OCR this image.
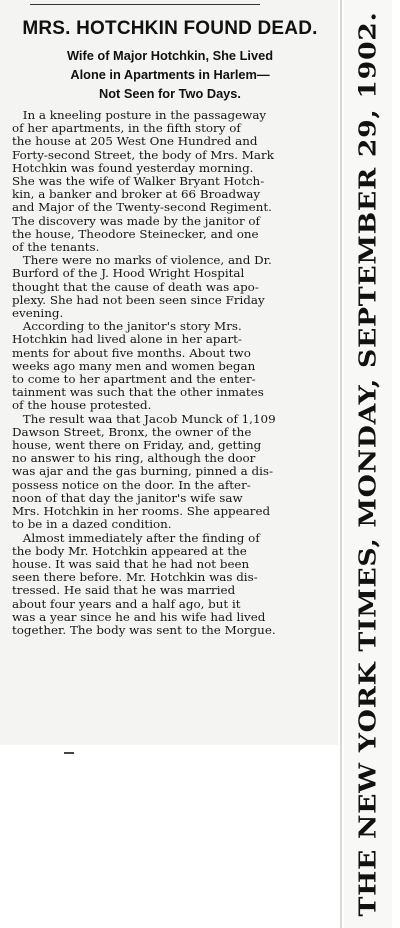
MRS. HOTCHKIN FOUND DEAD.
Wife of Major Hotchkin, She Lived
Alone in Apartments in Harlem—
Not Seen for Two Days.
In a kneeling posture in the passageway
of her apartments, in the fifth story of
the house at 205 West One Hundred and
Forty-second Street, the body of Mrs. Mark
Hotchkin was found yesterday morning.
She was the wife of Walker Bryant Hotch-
kin, a banker and broker at 66 Broadway
and Major of the Twenty-second Regiment.
The discovery was made by the janitor of
the house, Theodore Steinecker, and one
of the tenants.
There were no marks of violence, and Dr.
Burford of the J. Hood Wright Hospital
thought that the cause of death was apo-
plexy. She had not been seen since Friday
evening.
According to the janitor's story Mrs.
Hotchkin had lived alone in her apart-
ments for about five months. About two
weeks ago many men and women began
to come to her apartment and the enter-
tainment was such that the other inmates
of the house protested.
The result waa that Jacob Munck of 1,109
Dawson Street, Bronx, the owner of the
house, went there on Friday, and, getting
no answer to his ring, although the door
was ajar and the gas burning, pinned a dis-
possess notice on the door. In the after-
noon of that day the janitor's wife saw
Mrs. Hotchkin in her rooms. She appeared
to be in a dazed condition.
Almost immediately after the finding of
the body Mr. Hotchkin appeared at the
house. It was said that he had not been
seen there before. Mr. Hotchkin was dis-
tressed. He said that he was married
about four years and a half ago, but it
was a year since he and his wife had lived
together. The body was sent to the Morgue.	THE NEW YORK TIMES, MONDAY, SEPTEMBER 29, 1902.
